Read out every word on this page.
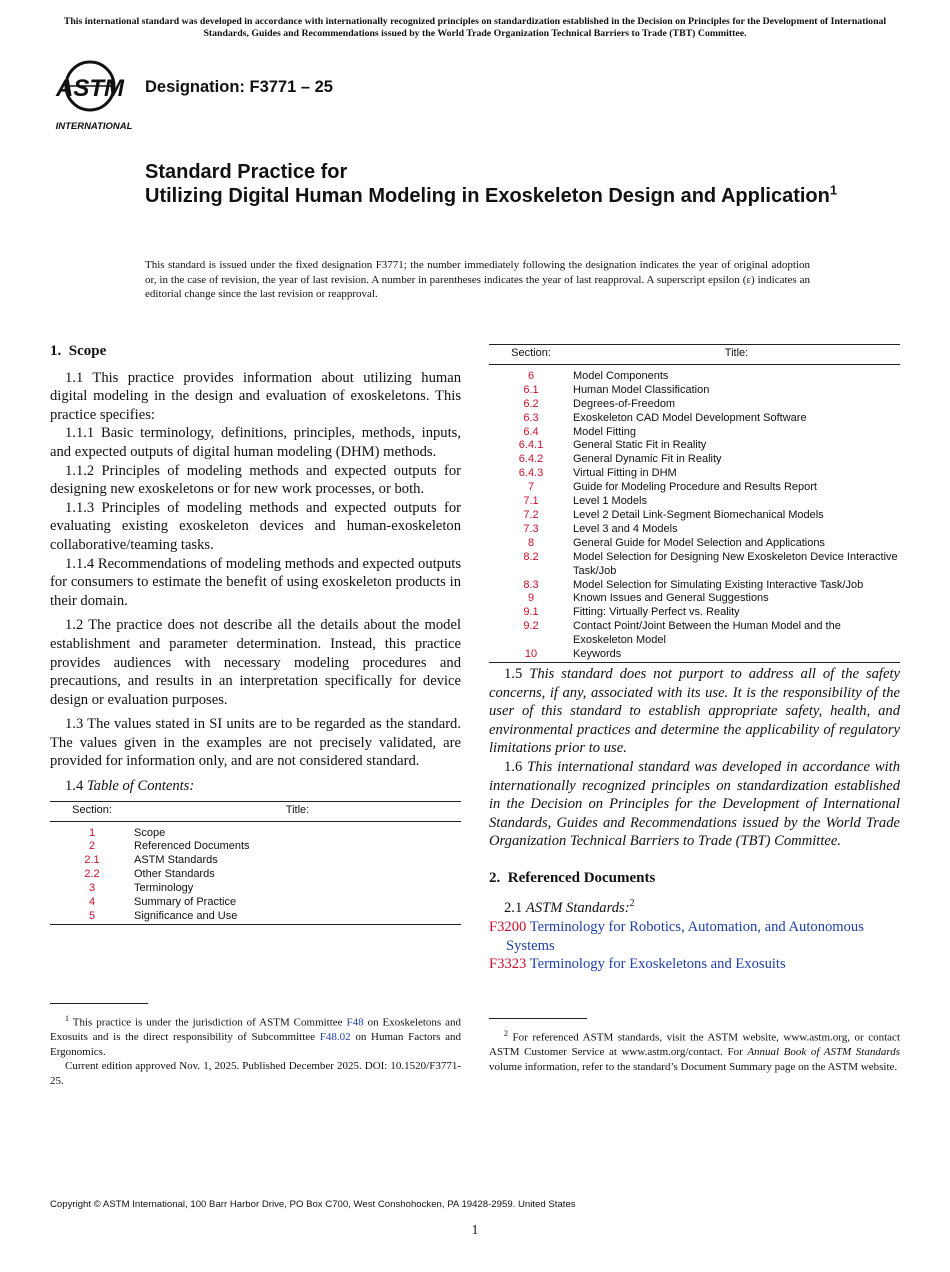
This international standard was developed in accordance with internationally recognized principles on standardization established in the Decision on Principles for the Development of International Standards, Guides and Recommendations issued by the World Trade Organization Technical Barriers to Trade (TBT) Committee.
ASTM
INTERNATIONAL
Designation: F3771 – 25
Standard Practice for
Utilizing Digital Human Modeling in Exoskeleton Design and Application$^1$
This standard is issued under the fixed designation F3771; the number immediately following the designation indicates the year of original adoption or, in the case of revision, the year of last revision. A number in parentheses indicates the year of last reapproval. A superscript epsilon (ε) indicates an editorial change since the last revision or reapproval.
1. Scope

1.1 This practice provides information about utilizing human digital modeling in the design and evaluation of exoskeletons. This practice specifies:

1.1.1 Basic terminology, definitions, principles, methods, inputs, and expected outputs of digital human modeling (DHM) methods.

1.1.2 Principles of modeling methods and expected outputs for designing new exoskeletons or for new work processes, or both.

1.1.3 Principles of modeling methods and expected outputs for evaluating existing exoskeleton devices and human-exoskeleton collaborative/teaming tasks.

1.1.4 Recommendations of modeling methods and expected outputs for consumers to estimate the benefit of using exoskeleton products in their domain.

1.2 The practice does not describe all the details about the model establishment and parameter determination. Instead, this practice provides audiences with necessary modeling procedures and precautions, and results in an interpretation specifically for device design or evaluation purposes.

1.3 The values stated in SI units are to be regarded as the standard. The values given in the examples are not precisely validated, are provided for information only, and are not considered standard.

1.4 Table of Contents:

Section:	Title:
1	Scope
2	Referenced Documents
2.1	ASTM Standards
2.2	Other Standards
3	Terminology
4	Summary of Practice
5	Significance and Use
Section:	Title:
6	Model Components
6.1	Human Model Classification
6.2	Degrees-of-Freedom
6.3	Exoskeleton CAD Model Development Software
6.4	Model Fitting
6.4.1	General Static Fit in Reality
6.4.2	General Dynamic Fit in Reality
6.4.3	Virtual Fitting in DHM
7	Guide for Modeling Procedure and Results Report
7.1	Level 1 Models
7.2	Level 2 Detail Link-Segment Biomechanical Models
7.3	Level 3 and 4 Models
8	General Guide for Model Selection and Applications
8.2	Model Selection for Designing New Exoskeleton Device Interactive Task/Job
8.3	Model Selection for Simulating Existing Interactive Task/Job
9	Known Issues and General Suggestions
9.1	Fitting: Virtually Perfect vs. Reality
9.2	Contact Point/Joint Between the Human Model and the Exoskeleton Model
10	Keywords

1.5 This standard does not purport to address all of the safety concerns, if any, associated with its use. It is the responsibility of the user of this standard to establish appropriate safety, health, and environmental practices and determine the applicability of regulatory limitations prior to use.

1.6 This international standard was developed in accordance with internationally recognized principles on standardization established in the Decision on Principles for the Development of International Standards, Guides and Recommendations issued by the World Trade Organization Technical Barriers to Trade (TBT) Committee.

2. Referenced Documents

2.1 ASTM Standards:$^2$

F3200 Terminology for Robotics, Automation, and Autonomous Systems
F3323 Terminology for Exoskeletons and Exosuits
$^1$ This practice is under the jurisdiction of ASTM Committee F48 on Exoskeletons and Exosuits and is the direct responsibility of Subcommittee F48.02 on Human Factors and Ergonomics.
Current edition approved Nov. 1, 2025. Published December 2025. DOI: 10.1520/F3771-25.
$^2$ For referenced ASTM standards, visit the ASTM website, www.astm.org, or contact ASTM Customer Service at www.astm.org/contact. For Annual Book of ASTM Standards volume information, refer to the standard’s Document Summary page on the ASTM website.
Copyright © ASTM International, 100 Barr Harbor Drive, PO Box C700, West Conshohocken, PA 19428-2959. United States
1
